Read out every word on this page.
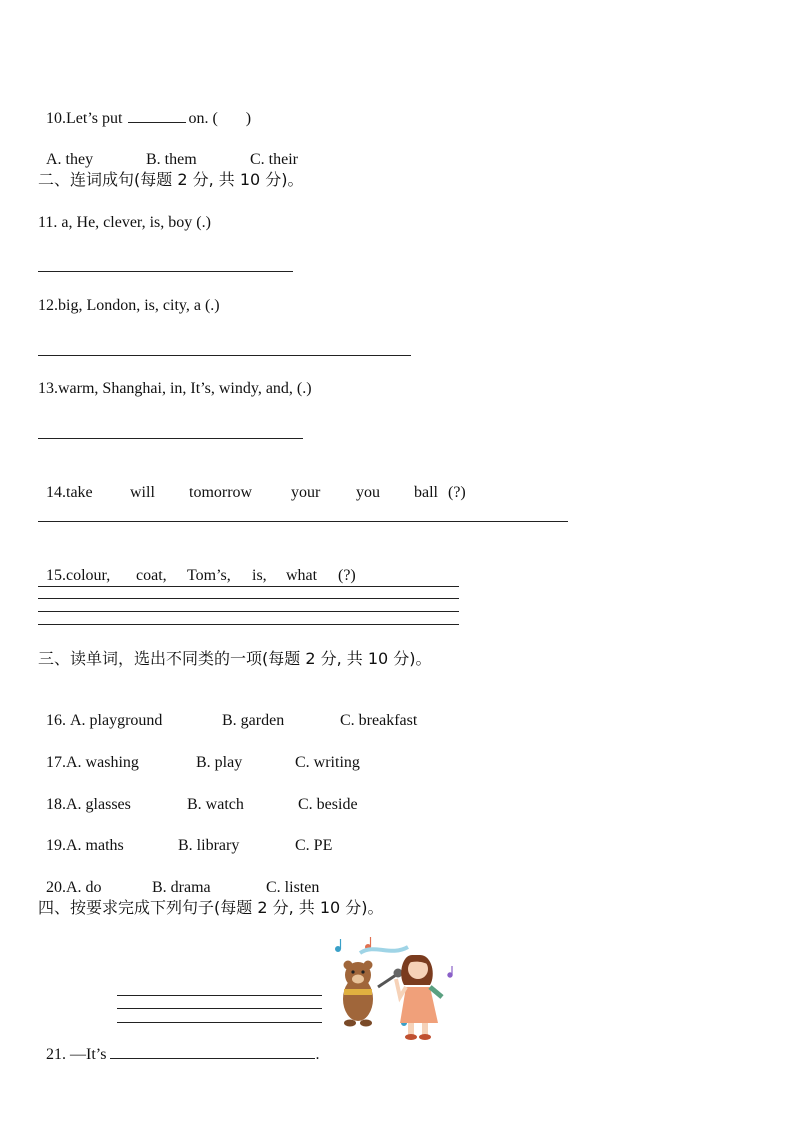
10.Let’s put	on. (       )

A. they	B. them	C. their

二、连词成句(每题 2 分, 共 10 分)。
11. a, He, clever, is, boy (.)
12.big, London, is, city, a (.)
13.warm, Shanghai, in, It’s, windy, and, (.)

14.take will tomorrow your you ball (?)

15.colour, coat, Tom’s, is, what (?)

三、读单词，选出不同类的一项(每题 2 分, 共 10 分)。

16. A. playground	B. garden	C. breakfast

17.A. washing	B. play	C. writing

18.A. glasses	B. watch	C. beside

19.A. maths	B. library	C. PE

20.A. do	B. drama	C. listen

四、按要求完成下列句子(每题 2 分, 共 10 分)。

21. —It’s	.
